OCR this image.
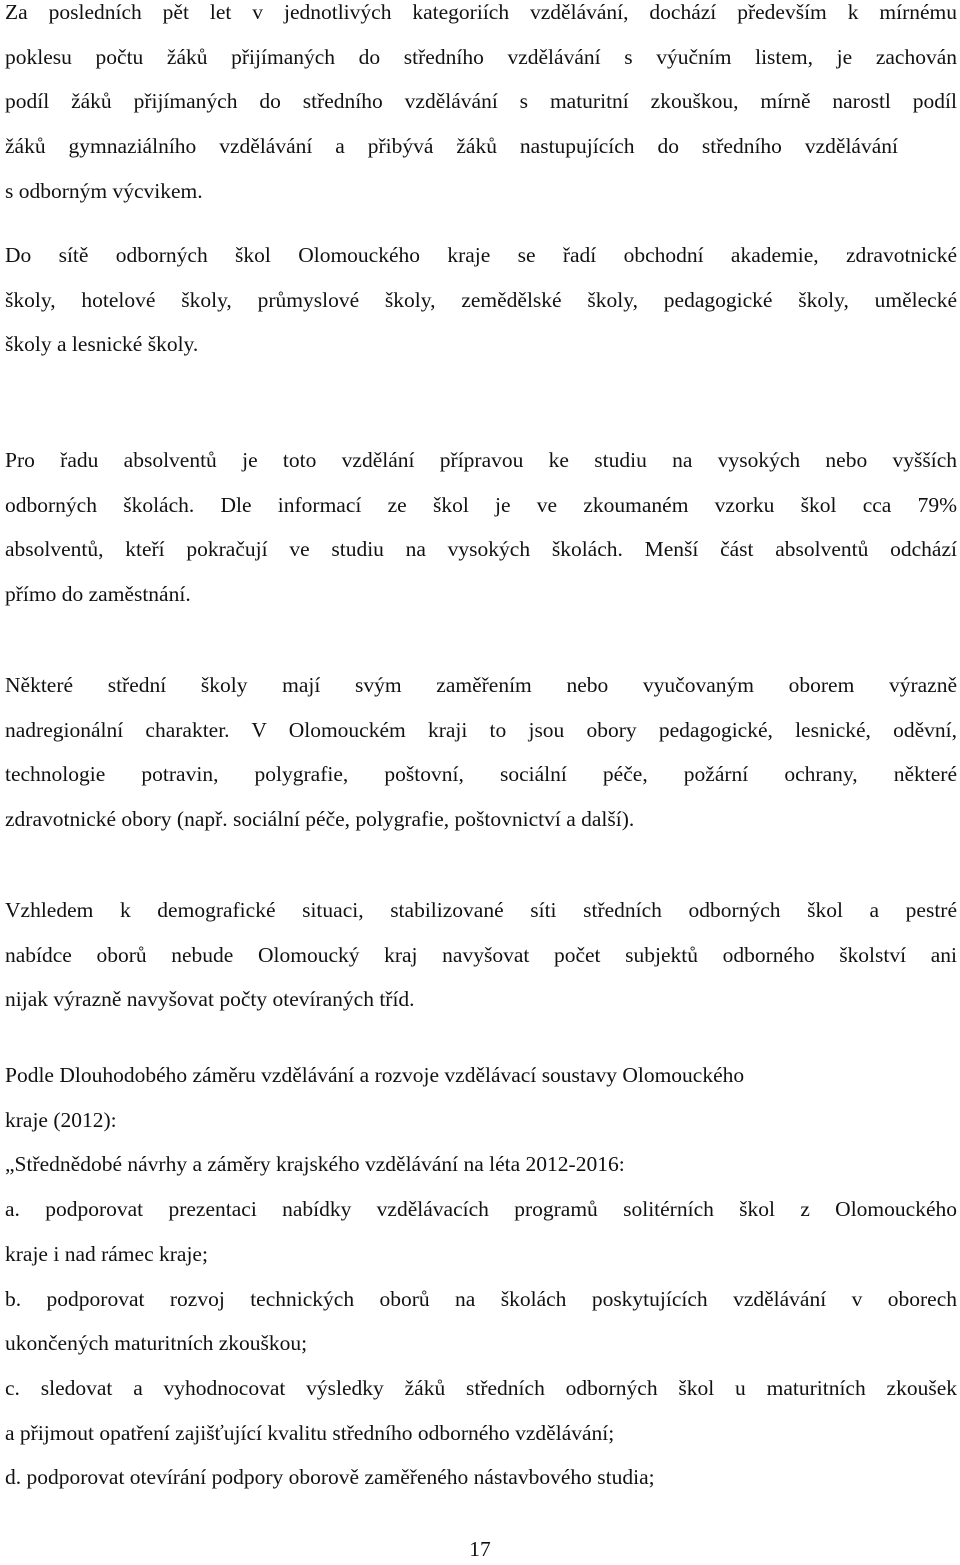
Za posledních pět let v jednotlivých kategoriích vzdělávání, dochází především k mírnému
poklesu počtu žáků přijímaných do středního vzdělávání s výučním listem, je zachován
podíl žáků přijímaných do středního vzdělávání s maturitní zkouškou, mírně narostl podíl
žáků gymnaziálního vzdělávání a přibývá žáků nastupujících do středního vzdělávání
s odborným výcvikem.
Do sítě odborných škol Olomouckého kraje se řadí obchodní akademie, zdravotnické
školy, hotelové školy, průmyslové školy, zemědělské školy, pedagogické školy, umělecké
školy a lesnické školy.
Pro řadu absolventů je toto vzdělání přípravou ke studiu na vysokých nebo vyšších
odborných školách. Dle informací ze škol je ve zkoumaném vzorku škol cca 79%
absolventů, kteří pokračují ve studiu na vysokých školách. Menší část absolventů odchází
přímo do zaměstnání.
Některé střední školy mají svým zaměřením nebo vyučovaným oborem výrazně
nadregionální charakter. V Olomouckém kraji to jsou obory pedagogické, lesnické, oděvní,
technologie potravin, polygrafie, poštovní, sociální péče, požární ochrany, některé
zdravotnické obory (např. sociální péče, polygrafie, poštovnictví a další).
Vzhledem k demografické situaci, stabilizované síti středních odborných škol a pestré
nabídce oborů nebude Olomoucký kraj navyšovat počet subjektů odborného školství ani
nijak výrazně navyšovat počty otevíraných tříd.
Podle Dlouhodobého záměru vzdělávání a rozvoje vzdělávací soustavy Olomouckého
kraje (2012):
„Střednědobé návrhy a záměry krajského vzdělávání na léta 2012-2016:
a. podporovat prezentaci nabídky vzdělávacích programů solitérních škol z Olomouckého
kraje i nad rámec kraje;
b. podporovat rozvoj technických oborů na školách poskytujících vzdělávání v oborech
ukončených maturitních zkouškou;
c. sledovat a vyhodnocovat výsledky žáků středních odborných škol u maturitních zkoušek
a přijmout opatření zajišťující kvalitu středního odborného vzdělávání;
d. podporovat otevírání podpory oborově zaměřeného nástavbového studia;
17
